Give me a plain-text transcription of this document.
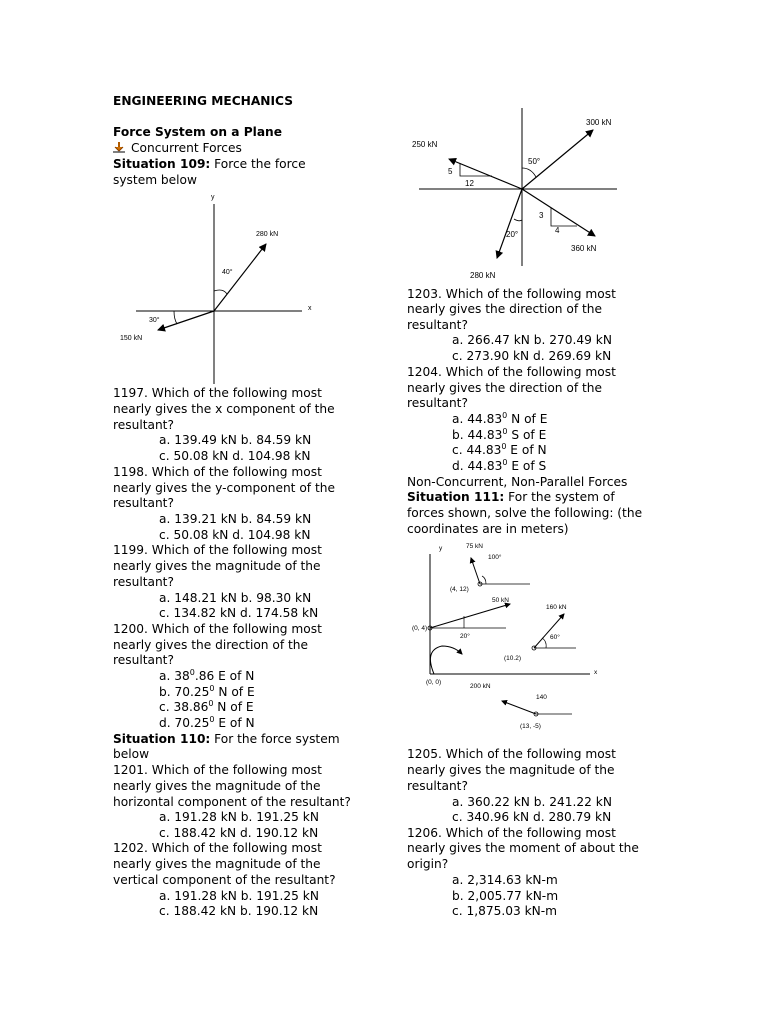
ENGINEERING MECHANICS
Force System on a Plane
Concurrent Forces
Situation 109: Force the force
system below
y
x
280 kN
40°
30°
150 kN
1197. Which of the following most
nearly gives the x component of the
resultant?
a. 139.49 kN b. 84.59 kN
c. 50.08 kN d. 104.98 kN
1198. Which of the following most
nearly gives the y-component of the
resultant?
a. 139.21 kN b. 84.59 kN
c. 50.08 kN d. 104.98 kN
1199. Which of the following most
nearly gives the magnitude of the
resultant?
a. 148.21 kN b. 98.30 kN
c. 134.82 kN d. 174.58 kN
1200. Which of the following most
nearly gives the direction of the
resultant?
a. $38^0.86$ E of N
b. 70.25$^0$ N of E
c. 38.86$^0$ N of E
d. 70.25$^0$ E of N
Situation 110: For the force system
below
1201. Which of the following most
nearly gives the magnitude of the
horizontal component of the resultant?
a. 191.28 kN b. 191.25 kN
c. 188.42 kN d. 190.12 kN
1202. Which of the following most
nearly gives the magnitude of the
vertical component of the resultant?
a. 191.28 kN b. 191.25 kN
c. 188.42 kN b. 190.12 kN
300 kN
250 kN
50°
5
12
3
4
20°
360 kN
280 kN
1203. Which of the following most
nearly gives the direction of the
resultant?
a. 266.47 kN b. 270.49 kN
c. 273.90 kN d. 269.69 kN
1204. Which of the following most
nearly gives the direction of the
resultant?
a. 44.83$^0$ N of E
b. 44.83$^0$ S of E
c. 44.83$^0$ E of N
d. 44.83$^0$ E of S
Non-Concurrent, Non-Parallel Forces
Situation 111: For the system of
forces shown, solve the following: (the
coordinates are in meters)
y
x
75 kN
100°
(4, 12)
50 kN
20°
(0, 4)
160 kN
60°
(10.2)
(0, 0)
200 kN
140
(13, -5)
1205. Which of the following most
nearly gives the magnitude of the
resultant?
a. 360.22 kN b. 241.22 kN
c. 340.96 kN d. 280.79 kN
1206. Which of the following most
nearly gives the moment of about the
origin?
a. 2,314.63 kN-m
b. 2,005.77 kN-m
c. 1,875.03 kN-m
